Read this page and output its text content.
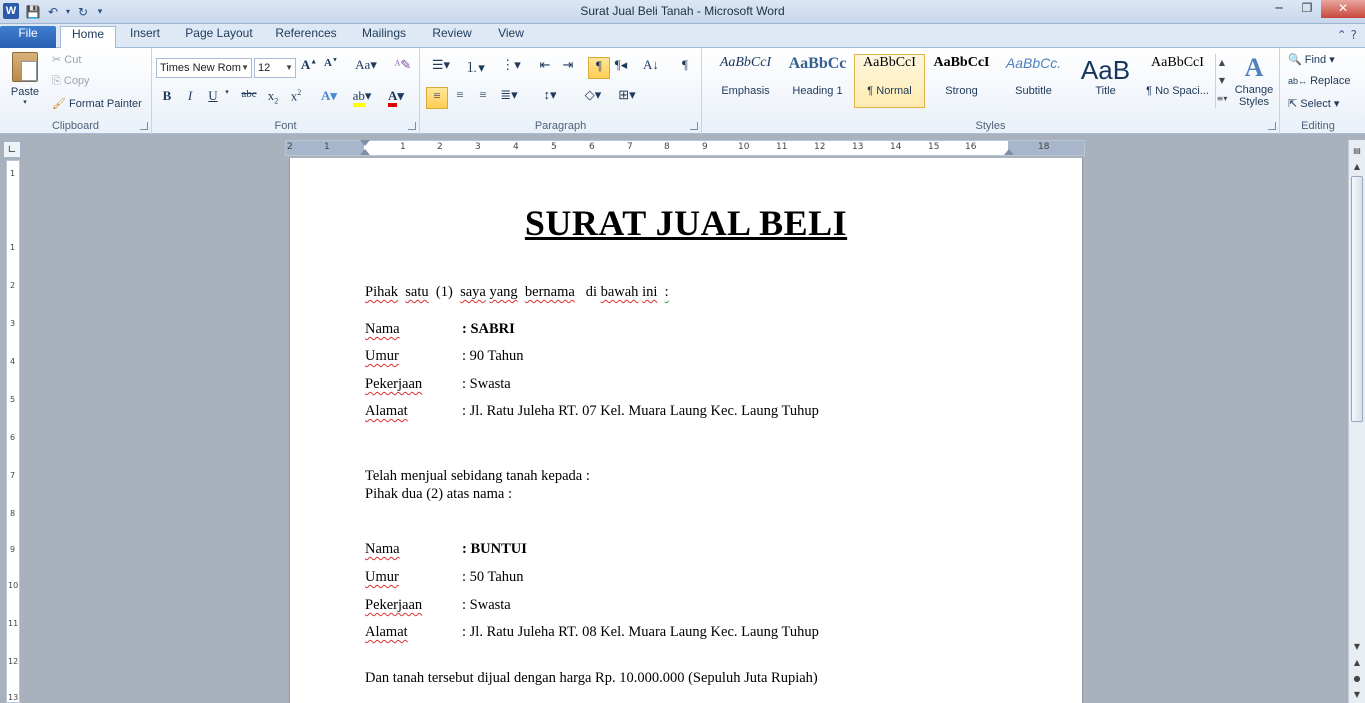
W 💾 ↶ ▾ ↻	▾	Surat Jual Beli Tanah - Microsoft Word	─	❐	✕
File	Home	Insert	Page Layout	References	Mailings	Review	View	⌃ ?
Paste
▾
✂ Cut
⎘ Copy
🖌 Format Painter
Clipboard
Times New Rom ▼ 12 ▼ A▲ A▼	Aa▾ ᴬ✎
B	I	U	▾	abc $x_2$ $x^2$	A▾	ab▾	A▾
Font
☰▾	⒈▾	⋮▾	⇤ ⇥	¶ ¶◂	A↓	¶
≡	≡	≡	≣▾	↕▾	◇▾	⊞▾
Paragraph	Styles
AaBbCcI
Emphasis
AaBbCc
Heading 1
AaBbCcI
¶ Normal
AaBbCcI
Strong
AaBbCc.
Subtitle
AaB
Title
AaBbCcI
¶ No Spaci...
▲
▼
≡▾
A
Change Styles
🔍 Find ▾
ab↔ Replace
⇱ Select ▾
Editing
∟	2	1	1	2	3	4	5	6	7	8	9	10	11	12	13	14	15	16	18
1
1
2
3
4
5
6
7
8
9
10
11
12
13
SURAT JUAL BELI
Pihak satu (1) saya yang bernama di bawah ini :
Nama	: SABRI
Umur	: 90 Tahun
Pekerjaan	: Swasta
Alamat	: Jl. Ratu Juleha RT. 07 Kel. Muara Laung Kec. Laung Tuhup
Telah menjual sebidang tanah kepada :
Pihak dua (2) atas nama :
Nama	: BUNTUI
Umur	: 50 Tahun
Pekerjaan	: Swasta
Alamat	: Jl. Ratu Juleha RT. 08 Kel. Muara Laung Kec. Laung Tuhup
Dan tanah tersebut dijual dengan harga Rp. 10.000.000 (Sepuluh Juta Rupiah)
▤
▲
▼
▲
●
▼
